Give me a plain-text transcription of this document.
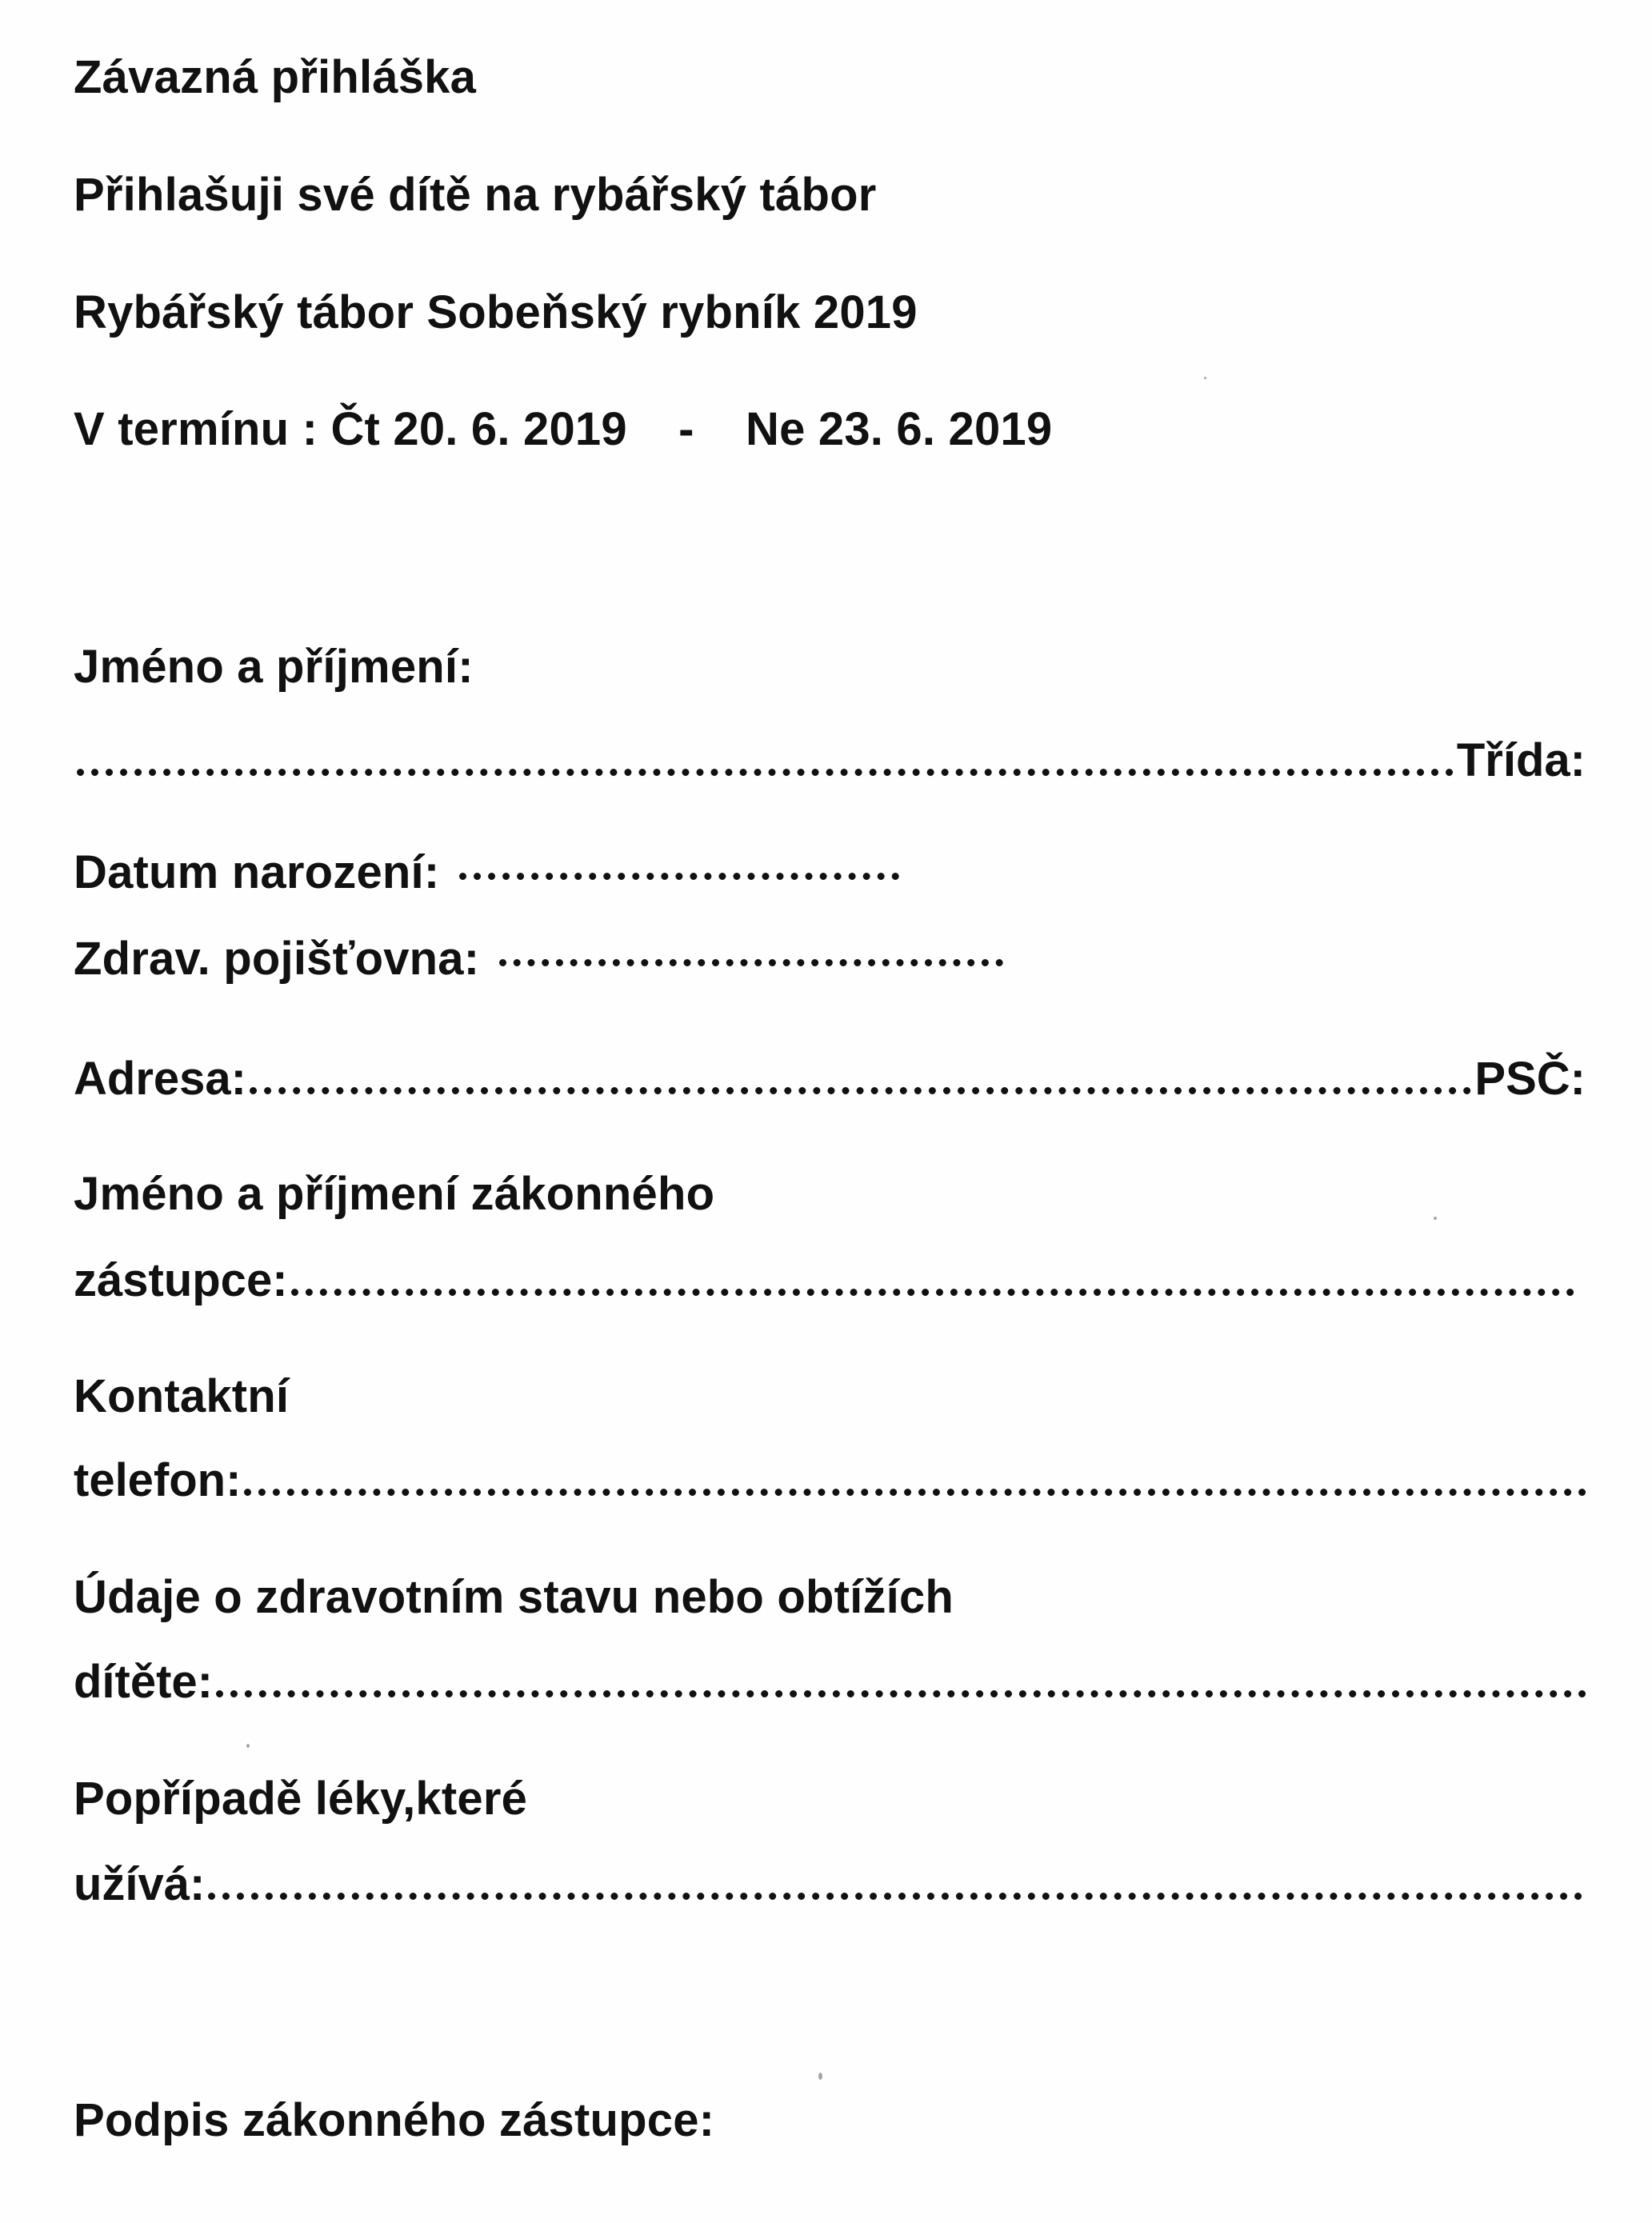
Závazná přihláška
Přihlašuji své dítě na rybářský tábor
Rybářský tábor Sobeňský rybník 2019
V termínu : Čt 20. 6. 2019 - Ne 23. 6. 2019
Jméno a příjmení:
Třída:
Datum narození:
Zdrav. pojišťovna:
Adresa:	PSČ:
Jméno a příjmení zákonného
zástupce:
Kontaktní
telefon:
Údaje o zdravotním stavu nebo obtížích
dítěte:
Popřípadě léky,které
užívá:
Podpis zákonného zástupce:
